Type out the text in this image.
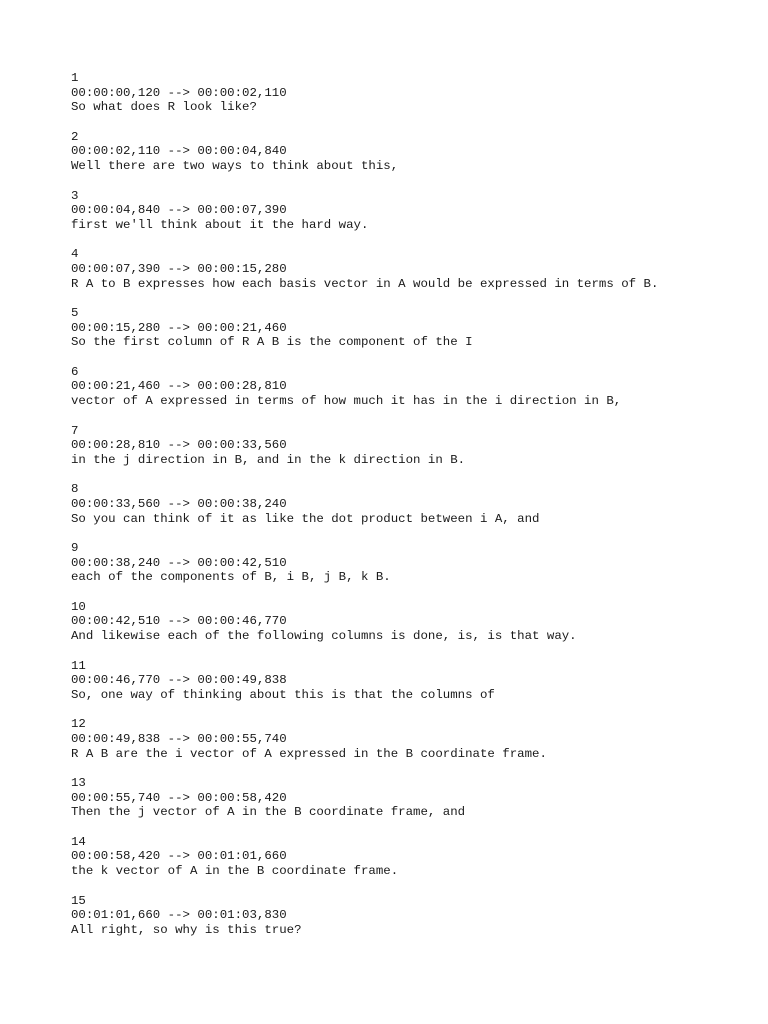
1
00:00:00,120 --> 00:00:02,110
So what does R look like?
2
00:00:02,110 --> 00:00:04,840
Well there are two ways to think about this,
3
00:00:04,840 --> 00:00:07,390
first we'll think about it the hard way.
4
00:00:07,390 --> 00:00:15,280
R A to B expresses how each basis vector in A would be expressed in terms of B.
5
00:00:15,280 --> 00:00:21,460
So the first column of R A B is the component of the I
6
00:00:21,460 --> 00:00:28,810
vector of A expressed in terms of how much it has in the i direction in B,
7
00:00:28,810 --> 00:00:33,560
in the j direction in B, and in the k direction in B.
8
00:00:33,560 --> 00:00:38,240
So you can think of it as like the dot product between i A, and
9
00:00:38,240 --> 00:00:42,510
each of the components of B, i B, j B, k B.
10
00:00:42,510 --> 00:00:46,770
And likewise each of the following columns is done, is, is that way.
11
00:00:46,770 --> 00:00:49,838
So, one way of thinking about this is that the columns of
12
00:00:49,838 --> 00:00:55,740
R A B are the i vector of A expressed in the B coordinate frame.
13
00:00:55,740 --> 00:00:58,420
Then the j vector of A in the B coordinate frame, and
14
00:00:58,420 --> 00:01:01,660
the k vector of A in the B coordinate frame.
15
00:01:01,660 --> 00:01:03,830
All right, so why is this true?
